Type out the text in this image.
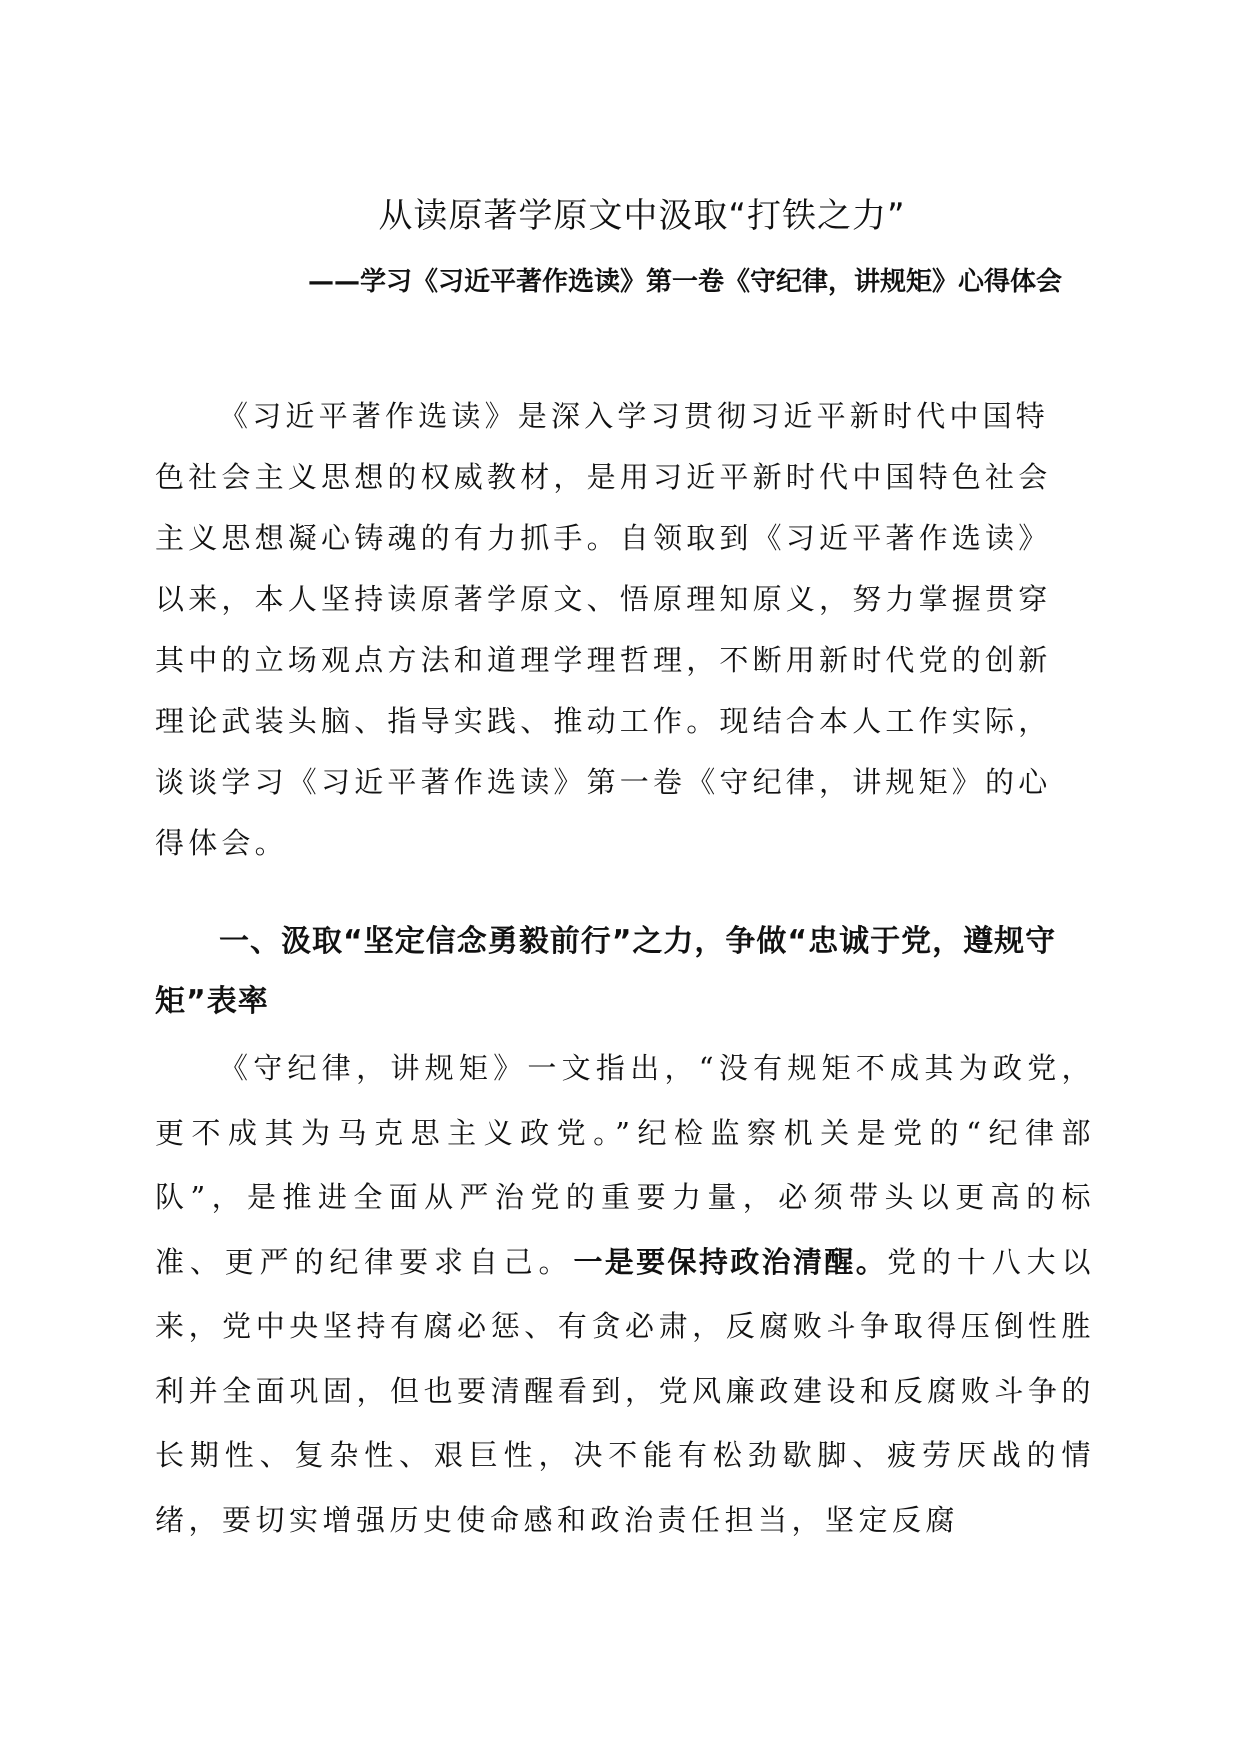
从读原著学原文中汲取“打铁之力”
——学习《习近平著作选读》第一卷《守纪律，讲规矩》心得体会

《习近平著作选读》是深入学习贯彻习近平新时代中国特色社会主义思想的权威教材，是用习近平新时代中国特色社会主义思想凝心铸魂的有力抓手。自领取到《习近平著作选读》以来，本人坚持读原著学原文、悟原理知原义，努力掌握贯穿其中的立场观点方法和道理学理哲理，不断用新时代党的创新理论武装头脑、指导实践、推动工作。现结合本人工作实际，谈谈学习《习近平著作选读》第一卷《守纪律，讲规矩》的心得体会。

一、汲取“坚定信念勇毅前行”之力，争做“忠诚于党，遵规守矩”表率

《守纪律，讲规矩》一文指出，“没有规矩不成其为政党，更不成其为马克思主义政党。”纪检监察机关是党的“纪律部队”，是推进全面从严治党的重要力量，必须带头以更高的标准、更严的纪律要求自己。一是要保持政治清醒。党的十八大以来，党中央坚持有腐必惩、有贪必肃，反腐败斗争取得压倒性胜利并全面巩固，但也要清醒看到，党风廉政建设和反腐败斗争的长期性、复杂性、艰巨性，决不能有松劲歇脚、疲劳厌战的情绪，要切实增强历史使命感和政治责任担当，坚定反腐
